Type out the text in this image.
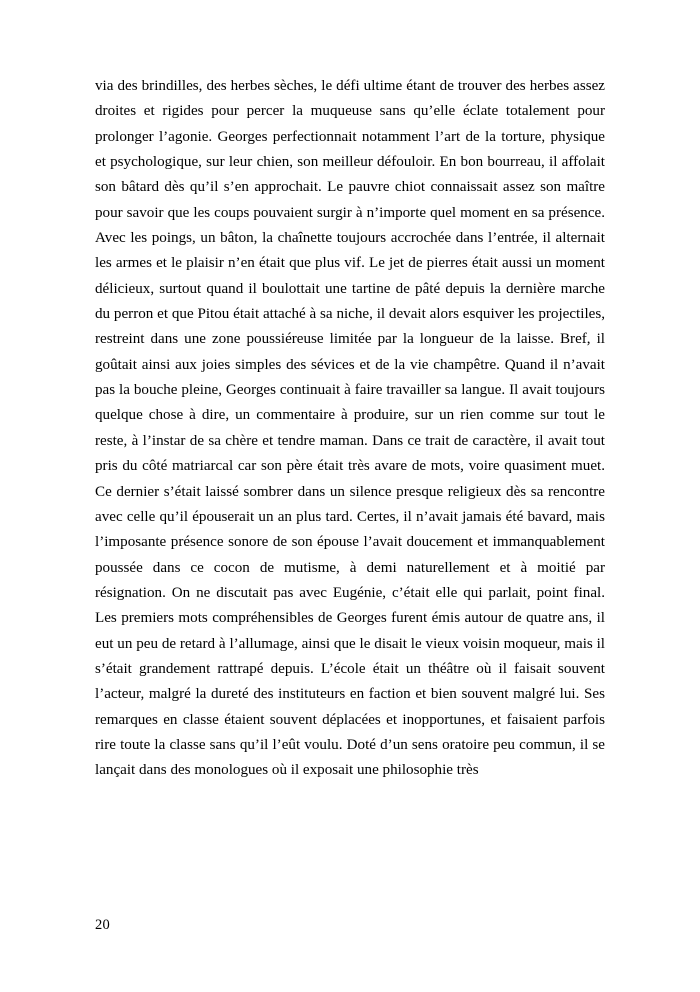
via des brindilles, des herbes sèches, le défi ultime étant de trouver des herbes assez droites et rigides pour percer la muqueuse sans qu’elle éclate totalement pour prolonger l’agonie. Georges perfectionnait notamment l’art de la torture, physique et psychologique, sur leur chien, son meilleur défouloir. En bon bourreau, il affolait son bâtard dès qu’il s’en approchait. Le pauvre chiot connaissait assez son maître pour savoir que les coups pouvaient surgir à n’importe quel moment en sa présence. Avec les poings, un bâton, la chaînette toujours accrochée dans l’entrée, il alternait les armes et le plaisir n’en était que plus vif. Le jet de pierres était aussi un moment délicieux, surtout quand il boulottait une tartine de pâté depuis la dernière marche du perron et que Pitou était attaché à sa niche, il devait alors esquiver les projectiles, restreint dans une zone poussiéreuse limitée par la longueur de la laisse. Bref, il goûtait ainsi aux joies simples des sévices et de la vie champêtre. Quand il n’avait pas la bouche pleine, Georges continuait à faire travailler sa langue. Il avait toujours quelque chose à dire, un commentaire à produire, sur un rien comme sur tout le reste, à l’instar de sa chère et tendre maman. Dans ce trait de caractère, il avait tout pris du côté matriarcal car son père était très avare de mots, voire quasiment muet. Ce dernier s’était laissé sombrer dans un silence presque religieux dès sa rencontre avec celle qu’il épouserait un an plus tard. Certes, il n’avait jamais été bavard, mais l’imposante présence sonore de son épouse l’avait doucement et immanquablement poussée dans ce cocon de mutisme, à demi naturellement et à moitié par résignation. On ne discutait pas avec Eugénie, c’était elle qui parlait, point final. Les premiers mots compréhensibles de Georges furent émis autour de quatre ans, il eut un peu de retard à l’allumage, ainsi que le disait le vieux voisin moqueur, mais il s’était grandement rattrapé depuis. L’école était un théâtre où il faisait souvent l’acteur, malgré la dureté des instituteurs en faction et bien souvent malgré lui. Ses remarques en classe étaient souvent déplacées et inopportunes, et faisaient parfois rire toute la classe sans qu’il l’eût voulu. Doté d’un sens oratoire peu commun, il se lançait dans des monologues où il exposait une philosophie très

20
